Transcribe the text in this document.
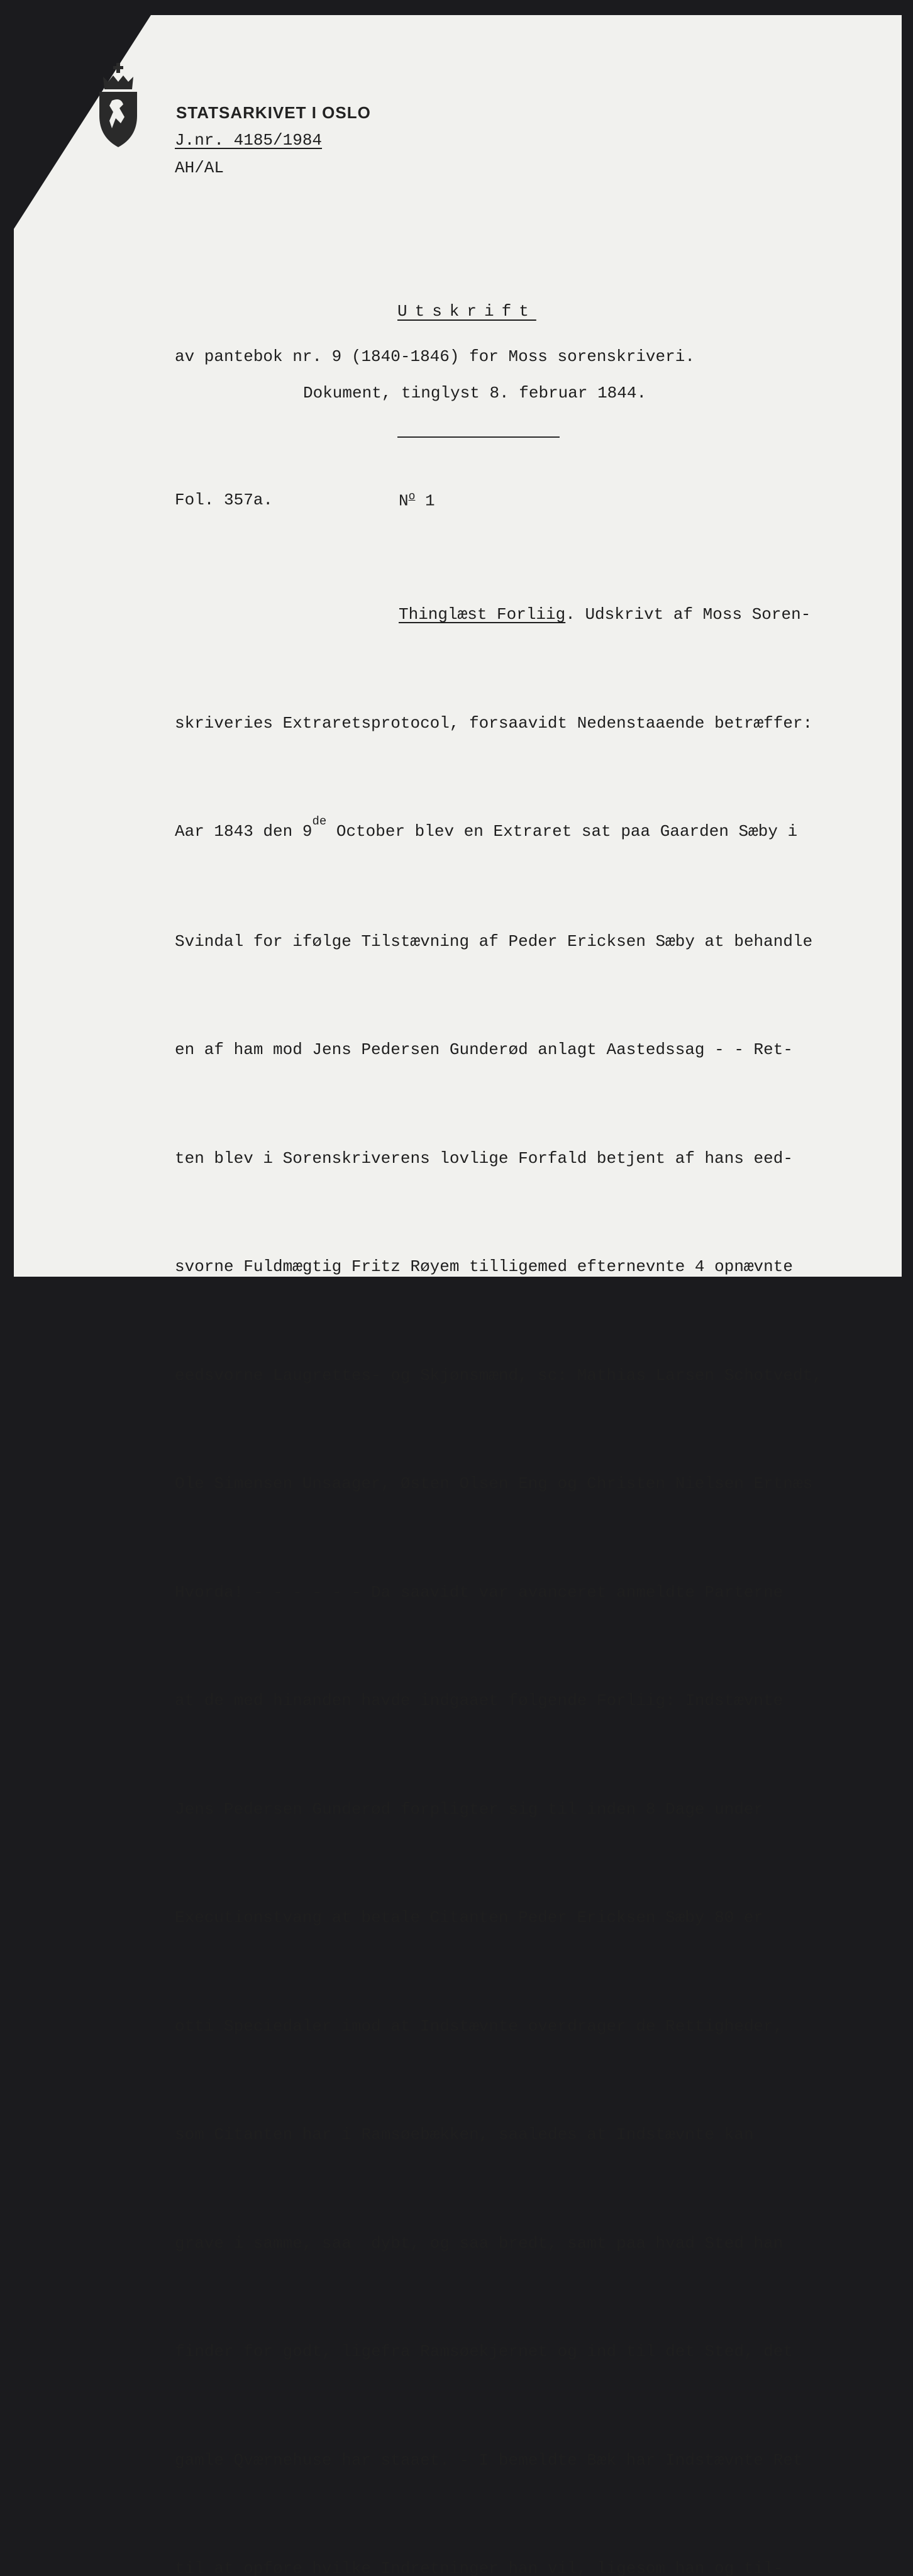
STATSARKIVET I OSLO
J.nr. 4185/1984
AH/AL
Utskrift
av pantebok nr. 9 (1840-1846) for Moss sorenskriveri.
Dokument, tinglyst 8. februar 1844.
Fol. 357a.	$N^o$ 1

Thinglæst Forliig. Udskrivt af Moss Soren-

skriveries Extraretsprotocol, forsaavidt Nedenstaaende betræffer:

Aar 1843 den 9de October blev en Extraret sat paa Gaarden Sæby i

Svindal for ifølge Tilstævning af Peder Ericksen Sæby at behandle

en af ham mod Jens Pedersen Gunderød anlagt Aastedssag - - Ret-

ten blev i Sorenskriverens lovlige Forfald betjent af hans eed-

svorne Fuldmægtig Fritz Røyem tilligemed efternevnte 4 opnævnte

eedsvorne Laugrettes- og Skjønsmænd, sc: Mathias Larsen Schotvedt,

Ole Simensen Unsaager, Østen Olsen Eng og Christen Nielsen Ertnæs

Hvorda! - - - - - - Da saavidt var avanceret anmeldte Parterne

at de med hinanden havde indgaaet følgende Forliig: Indstævnte

Jens Pedersen Gunderød forpligter sig til inden 8 Dage under

Executionstvang at betale Citanten Peder Ericksen Sæby 80 er

otti Speciedaler imod at Indstævnte overdrager de Rettigheder,

som Citanten har i Ramsøebækken, saaledes at Indstævnte kan

grave i samme, saa  dybt, og saa bredt, samt paa hvad Sted han

finder for godt, ligefra Ramsøekjernet og ind til det Sted, det

gamle Qværnehuse har staaet. - I bemeldte Bæk har Indstævnte Ret

til at opføre hvilke Indretninger han vil, ligesom han og til-
